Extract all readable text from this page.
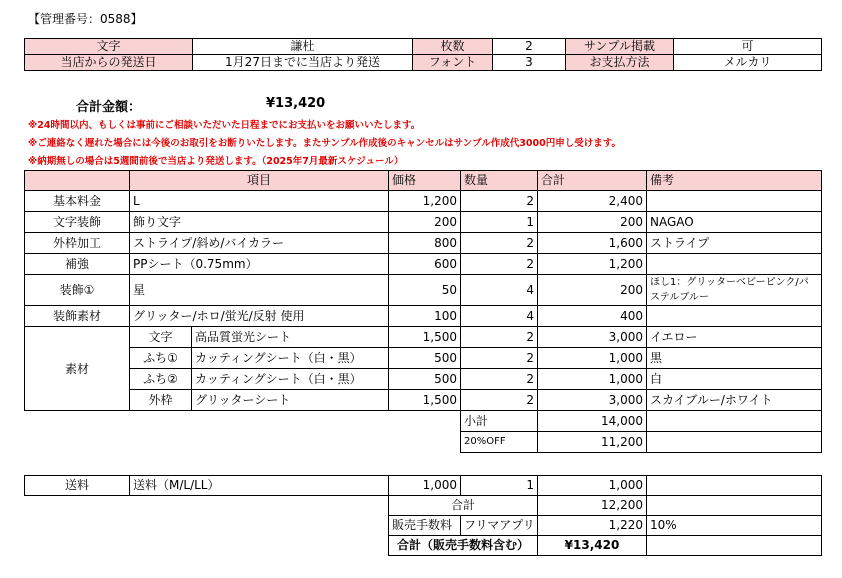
【管理番号：0588】
文字	謙杜	枚数	2	サンプル掲載	可
当店からの発送日	1月27日までに当店より発送	フォント	3	お支払方法	メルカリ
合計金額：	¥13,420
※24時間以内、もしくは事前にご相談いただいた日程までにお支払いをお願いいたします。
※ご連絡なく遅れた場合には今後のお取引をお断りいたします。またサンプル作成後のキャンセルはサンプル作成代3000円申し受けます。
※納期無しの場合は5週間前後で当店より発送します。（2025年7月最新スケジュール）
	項目		価格	数量	合計	備考
基本料金	L		1,200	2	2,400	
文字装飾	飾り文字		200	1	200	NAGAO
外枠加工	ストライプ/斜め/バイカラー		800	2	1,600	ストライプ
補強	PPシート（0.75mm）		600	2	1,200	
装飾①	星		50	4	200	ほし1：グリッターベビーピンク/パステルブルー
装飾素材	グリッター/ホロ/蛍光/反射 使用		100	4	400	
素材	文字	高品質蛍光シート	1,500	2	3,000	イエロー
	ふち①	カッティングシート（白・黒）	500	2	1,000	黒
	ふち②	カッティングシート（白・黒）	500	2	1,000	白
	外枠	グリッターシート	1,500	2	3,000	スカイブルー/ホワイト
				小計	14,000	
				20%OFF	11,200	
送料	送料（M/L/LL）		1,000	1	1,000	
			合計		12,200	
			販売手数料	フリマアプリ	1,220	10%
			合計（販売手数料含む）		¥13,420	
